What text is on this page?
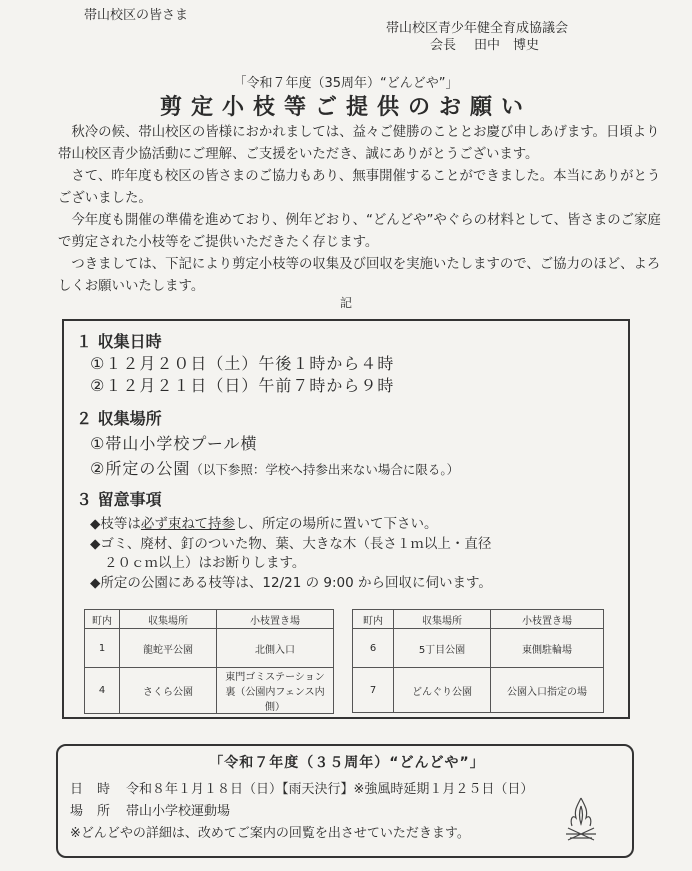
帯山校区の皆さま
帯山校区青少年健全育成協議会
会長 田中　博史
「令和７年度（35周年）“どんどや”」
剪定小枝等ご提供のお願い

秋冷の候、帯山校区の皆様におかれましては、益々ご健勝のこととお慶び申しあげます。日頃より帯山校区青少協活動にご理解、ご支援をいただき、誠にありがとうございます。

さて、昨年度も校区の皆さまのご協力もあり、無事開催することができました。本当にありがとうございました。

今年度も開催の準備を進めており、例年どおり、“どんどや”やぐらの材料として、皆さまのご家庭で剪定された小枝等をご提供いただきたく存じます。

つきましては、下記により剪定小枝等の収集及び回収を実施いたしますので、ご協力のほど、よろしくお願いいたします。

記
１ 収集日時
①１２月２０日（土）午後１時から４時
②１２月２１日（日）午前７時から９時
２ 収集場所
①帯山小学校プール横
②所定の公園（以下参照：学校へ持参出来ない場合に限る。）
３ 留意事項
◆枝等は必ず束ねて持参し、所定の場所に置いて下さい。
◆ゴミ、廃材、釘のついた物、葉、大きな木（長さ１ｍ以上・直径
２０ｃｍ以上）はお断りします。
◆所定の公園にある枝等は、12/21 の 9:00 から回収に伺います。
町内	収集場所	小枝置き場
1	龍蛇平公園	北側入口
4	さくら公園	東門ゴミステーション裏（公園内フェンス内側）
町内	収集場所	小枝置き場
6	5丁目公園	東側駐輪場
7	どんぐり公園	公園入口指定の場
「令和７年度（３５周年）“どんどや”」
日時 令和８年１月１８日（日）【雨天決行】※強風時延期１月２５日（日）
場所 帯山小学校運動場
※どんどやの詳細は、改めてご案内の回覧を出させていただきます。
